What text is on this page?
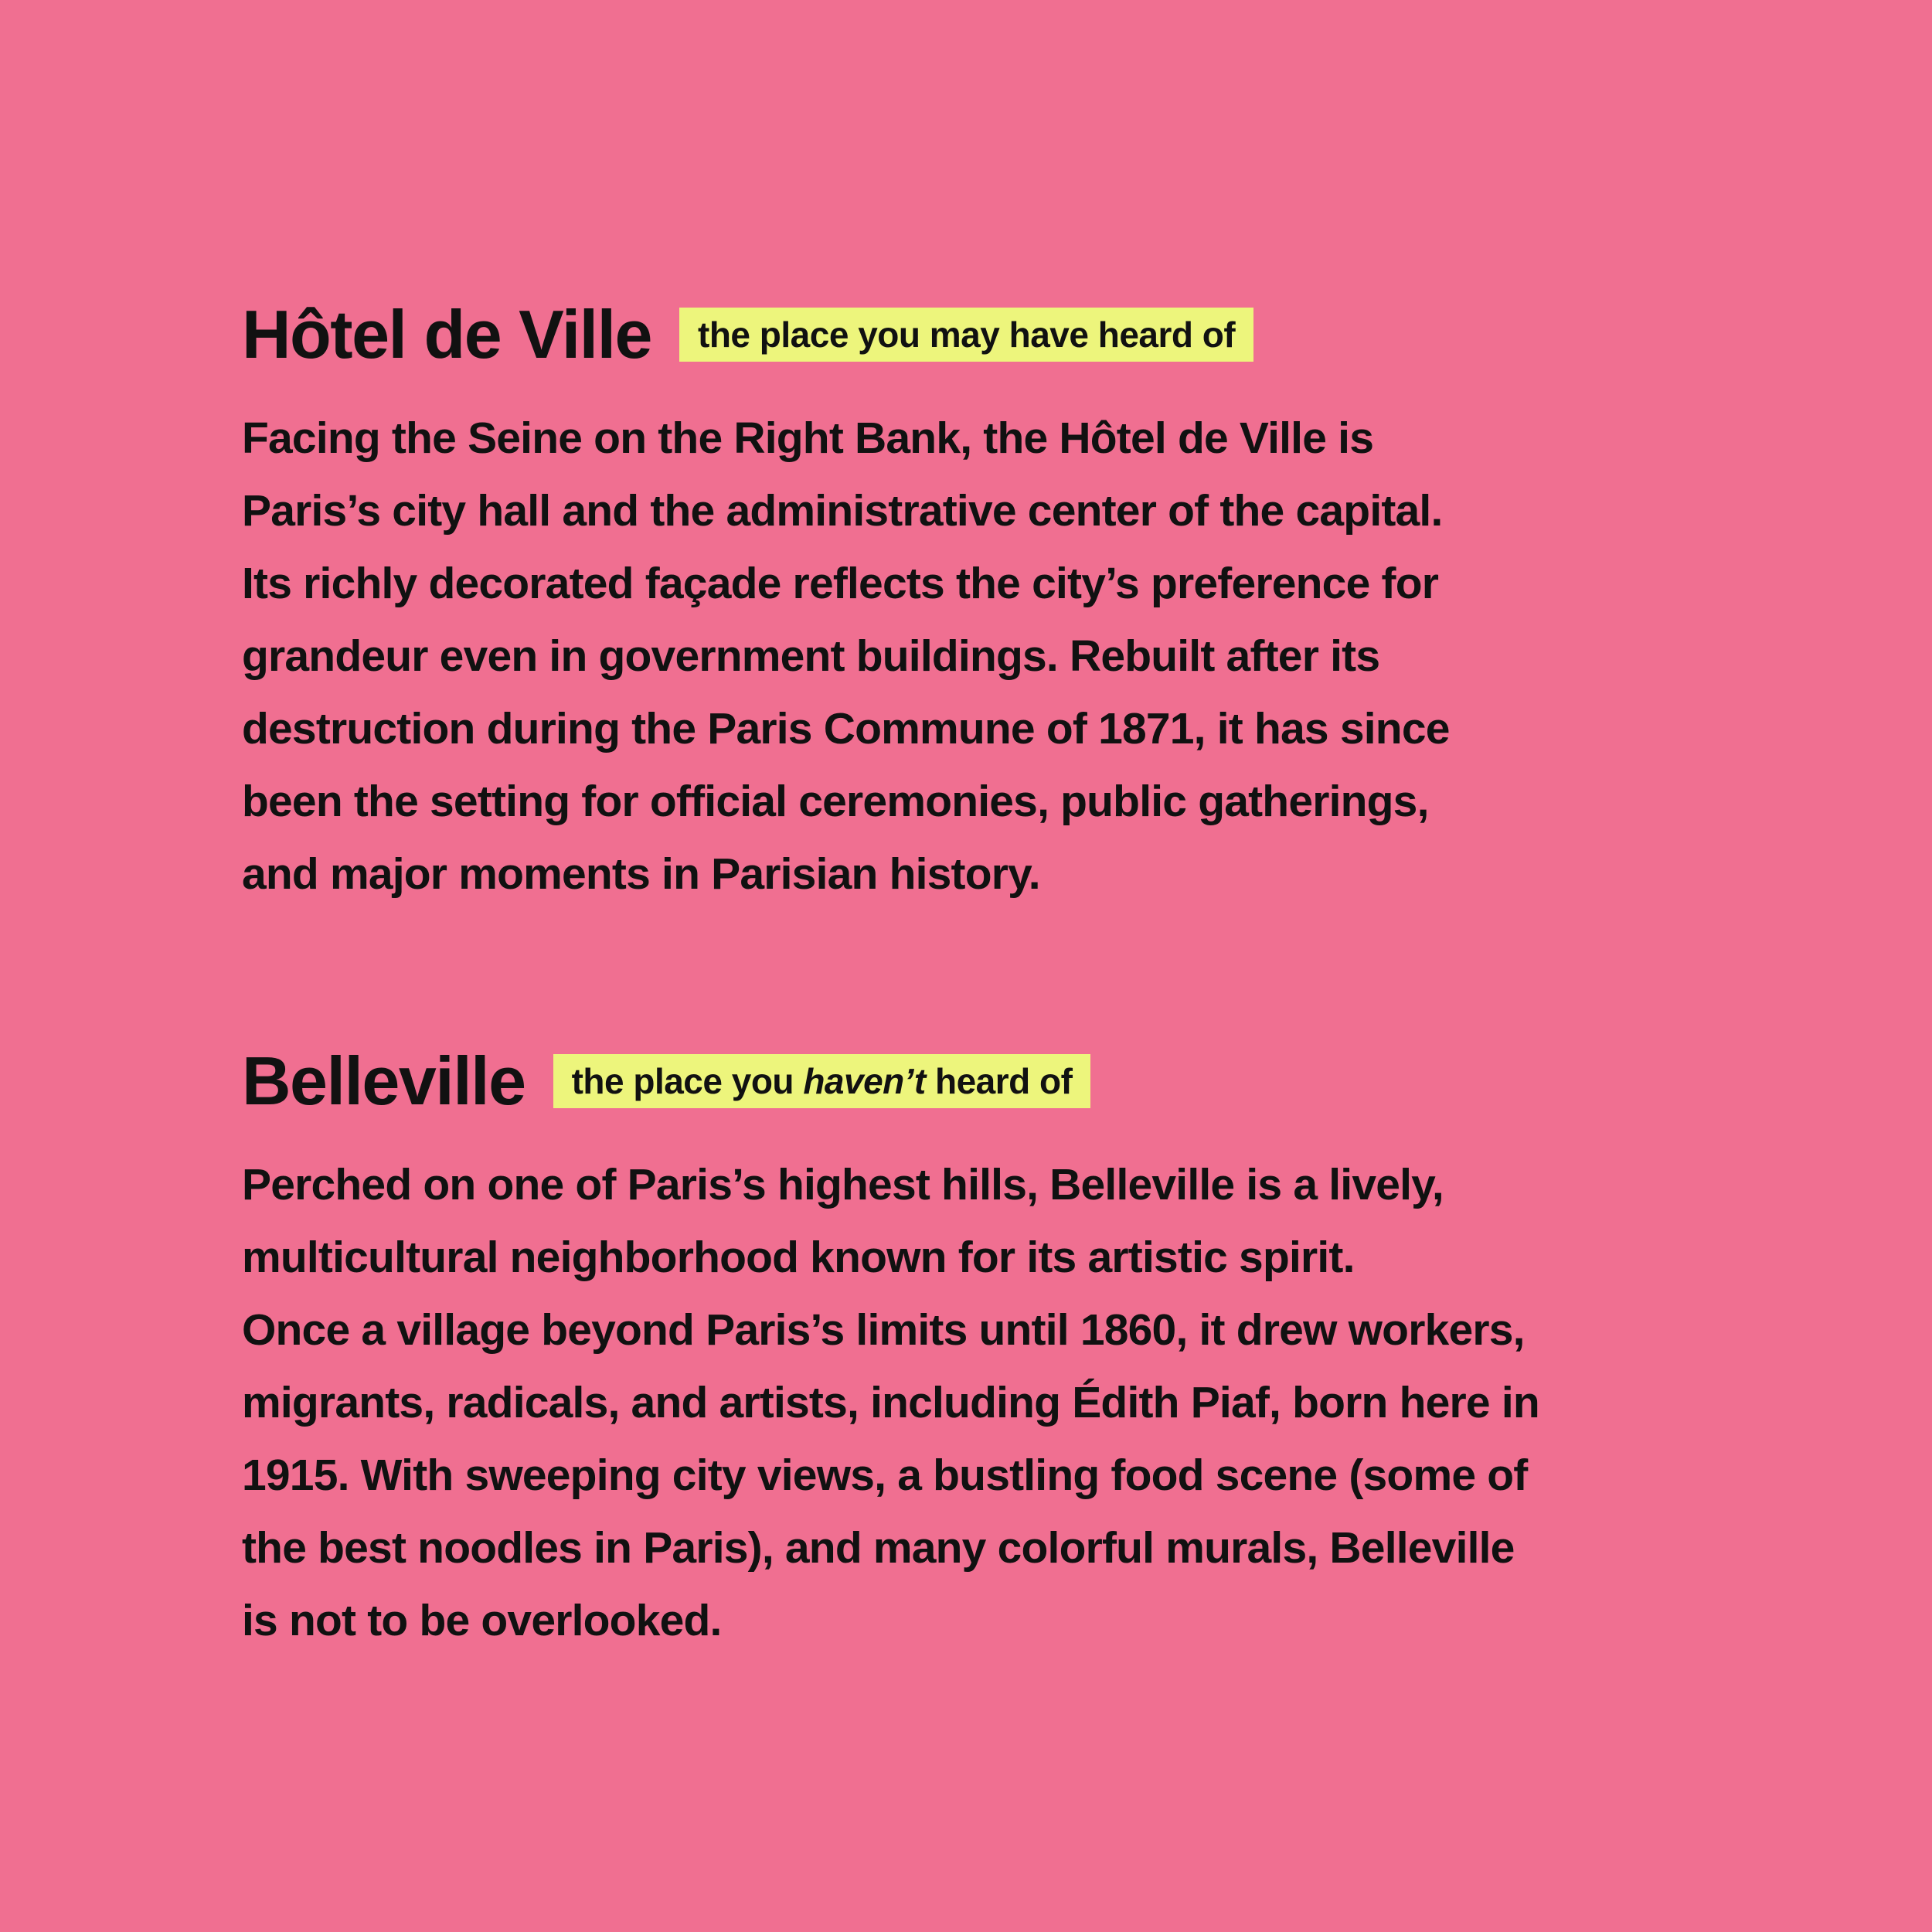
Hôtel de Ville	the place you may have heard of

Facing the Seine on the Right Bank, the Hôtel de Ville is
Paris’s city hall and the administrative center of the capital.
Its richly decorated façade reflects the city’s preference for
grandeur even in government buildings. Rebuilt after its
destruction during the Paris Commune of 1871, it has since
been the setting for official ceremonies, public gatherings,
and major moments in Parisian history.

Belleville	the place you haven’t heard of

Perched on one of Paris’s highest hills, Belleville is a lively,
multicultural neighborhood known for its artistic spirit.
Once a village beyond Paris’s limits until 1860, it drew workers,
migrants, radicals, and artists, including Édith Piaf, born here in
1915. With sweeping city views, a bustling food scene (some of
the best noodles in Paris), and many colorful murals, Belleville
is not to be overlooked.
